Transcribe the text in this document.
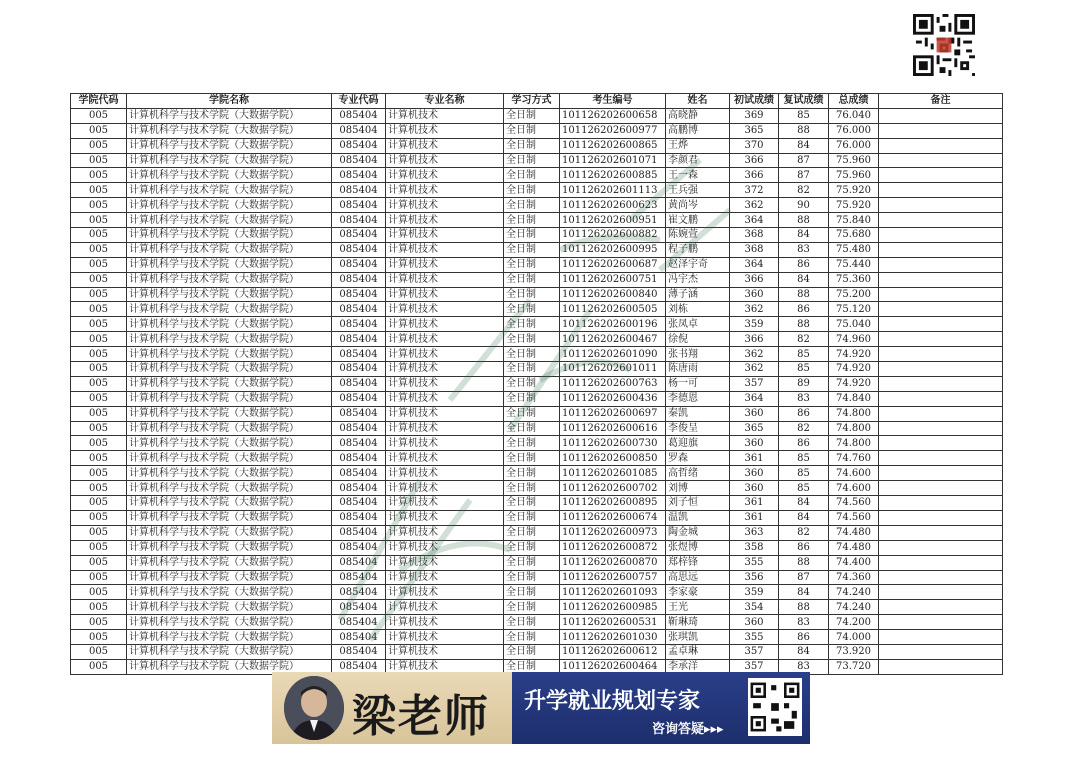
学院代码	学院名称	专业代码	专业名称	学习方式	考生编号	姓名	初试成绩	复试成绩	总成绩	备注
005	计算机科学与技术学院（大数据学院）	085404	计算机技术	全日制	101126202600658	高晓静	369	85	76.040	
005	计算机科学与技术学院（大数据学院）	085404	计算机技术	全日制	101126202600977	高鹏博	365	88	76.000	
005	计算机科学与技术学院（大数据学院）	085404	计算机技术	全日制	101126202600865	王烨	370	84	76.000	
005	计算机科学与技术学院（大数据学院）	085404	计算机技术	全日制	101126202601071	李颜君	366	87	75.960	
005	计算机科学与技术学院（大数据学院）	085404	计算机技术	全日制	101126202600885	王一森	366	87	75.960	
005	计算机科学与技术学院（大数据学院）	085404	计算机技术	全日制	101126202601113	王兵强	372	82	75.920	
005	计算机科学与技术学院（大数据学院）	085404	计算机技术	全日制	101126202600623	黄尚岑	362	90	75.920	
005	计算机科学与技术学院（大数据学院）	085404	计算机技术	全日制	101126202600951	崔文鹏	364	88	75.840	
005	计算机科学与技术学院（大数据学院）	085404	计算机技术	全日制	101126202600882	陈婉萱	368	84	75.680	
005	计算机科学与技术学院（大数据学院）	085404	计算机技术	全日制	101126202600995	程子鹏	368	83	75.480	
005	计算机科学与技术学院（大数据学院）	085404	计算机技术	全日制	101126202600687	赵泽宇奇	364	86	75.440	
005	计算机科学与技术学院（大数据学院）	085404	计算机技术	全日制	101126202600751	冯宇杰	366	84	75.360	
005	计算机科学与技术学院（大数据学院）	085404	计算机技术	全日制	101126202600840	薄子涵	360	88	75.200	
005	计算机科学与技术学院（大数据学院）	085404	计算机技术	全日制	101126202600505	刘栋	362	86	75.120	
005	计算机科学与技术学院（大数据学院）	085404	计算机技术	全日制	101126202600196	张凤卓	359	88	75.040	
005	计算机科学与技术学院（大数据学院）	085404	计算机技术	全日制	101126202600467	徐倪	366	82	74.960	
005	计算机科学与技术学院（大数据学院）	085404	计算机技术	全日制	101126202601090	张书翔	362	85	74.920	
005	计算机科学与技术学院（大数据学院）	085404	计算机技术	全日制	101126202601011	陈唐雨	362	85	74.920	
005	计算机科学与技术学院（大数据学院）	085404	计算机技术	全日制	101126202600763	杨一可	357	89	74.920	
005	计算机科学与技术学院（大数据学院）	085404	计算机技术	全日制	101126202600436	李德恩	364	83	74.840	
005	计算机科学与技术学院（大数据学院）	085404	计算机技术	全日制	101126202600697	秦凯	360	86	74.800	
005	计算机科学与技术学院（大数据学院）	085404	计算机技术	全日制	101126202600616	李俊呈	365	82	74.800	
005	计算机科学与技术学院（大数据学院）	085404	计算机技术	全日制	101126202600730	葛迎旗	360	86	74.800	
005	计算机科学与技术学院（大数据学院）	085404	计算机技术	全日制	101126202600850	罗森	361	85	74.760	
005	计算机科学与技术学院（大数据学院）	085404	计算机技术	全日制	101126202601085	高哲绪	360	85	74.600	
005	计算机科学与技术学院（大数据学院）	085404	计算机技术	全日制	101126202600702	刘博	360	85	74.600	
005	计算机科学与技术学院（大数据学院）	085404	计算机技术	全日制	101126202600895	刘子恒	361	84	74.560	
005	计算机科学与技术学院（大数据学院）	085404	计算机技术	全日制	101126202600674	温凯	361	84	74.560	
005	计算机科学与技术学院（大数据学院）	085404	计算机技术	全日制	101126202600973	陶金城	363	82	74.480	
005	计算机科学与技术学院（大数据学院）	085404	计算机技术	全日制	101126202600872	张煜博	358	86	74.480	
005	计算机科学与技术学院（大数据学院）	085404	计算机技术	全日制	101126202600870	郑梓锋	355	88	74.400	
005	计算机科学与技术学院（大数据学院）	085404	计算机技术	全日制	101126202600757	高思远	356	87	74.360	
005	计算机科学与技术学院（大数据学院）	085404	计算机技术	全日制	101126202601093	李家豪	359	84	74.240	
005	计算机科学与技术学院（大数据学院）	085404	计算机技术	全日制	101126202600985	王光	354	88	74.240	
005	计算机科学与技术学院（大数据学院）	085404	计算机技术	全日制	101126202600531	靳琳琦	360	83	74.200	
005	计算机科学与技术学院（大数据学院）	085404	计算机技术	全日制	101126202601030	张琪凯	355	86	74.000	
005	计算机科学与技术学院（大数据学院）	085404	计算机技术	全日制	101126202600612	孟卓琳	357	84	73.920	
005	计算机科学与技术学院（大数据学院）	085404	计算机技术	全日制	101126202600464	李承洋	357	83	73.720	
梁老师 升学就业规划专家
咨询答疑▸▸▸
